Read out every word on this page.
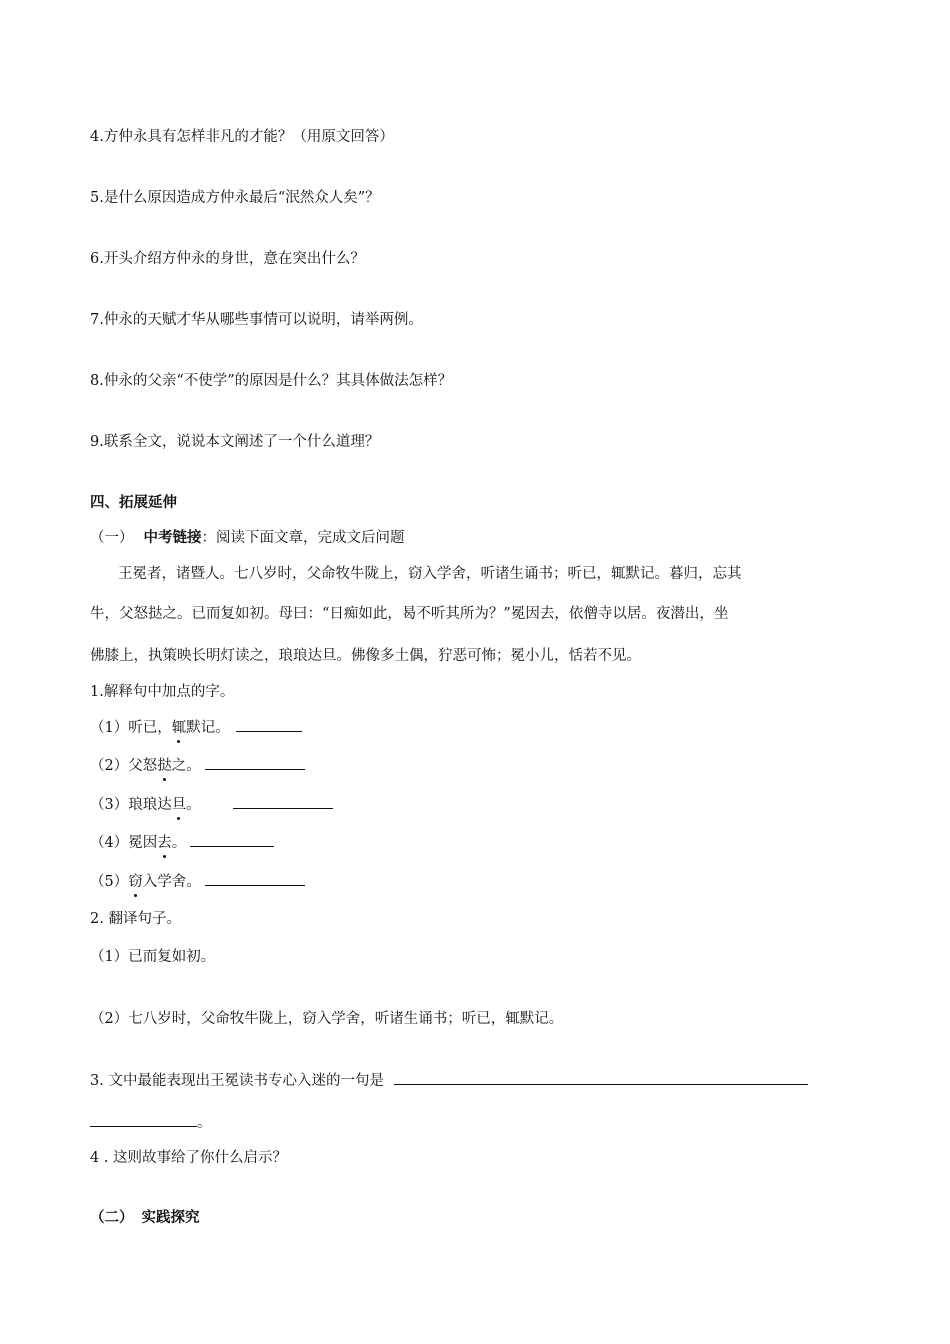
4.方仲永具有怎样非凡的才能？（用原文回答）
5.是什么原因造成方仲永最后“泯然众人矣”？
6.开头介绍方仲永的身世，意在突出什么？
7.仲永的天赋才华从哪些事情可以说明，请举两例。
8.仲永的父亲“不使学”的原因是什么？其具体做法怎样？
9.联系全文，说说本文阐述了一个什么道理？
四、拓展延伸
（一） 中考链接：阅读下面文章，完成文后问题
王冕者，诸暨人。七八岁时，父命牧牛陇上，窃入学舍，听诸生诵书；听已，辄默记。暮归，忘其
牛，父怒挞之。已而复如初。母曰：“日痴如此，曷不听其所为？”冕因去，依僧寺以居。夜潜出，坐
佛膝上，执策映长明灯读之，琅琅达旦。佛像多土偶，狞恶可怖；冕小儿，恬若不见。
1.解释句中加点的字。
（1）听已，辄默记。
（2）父怒挞之。
（3）琅琅达旦。
（4）冕因去。
（5）窃入学舍。
2. 翻译句子。
（1）已而复如初。
（2）七八岁时，父命牧牛陇上，窃入学舍，听诸生诵书；听已，辄默记。
3. 文中最能表现出王冕读书专心入迷的一句是
。
4 . 这则故事给了你什么启示？
（二） 实践探究
